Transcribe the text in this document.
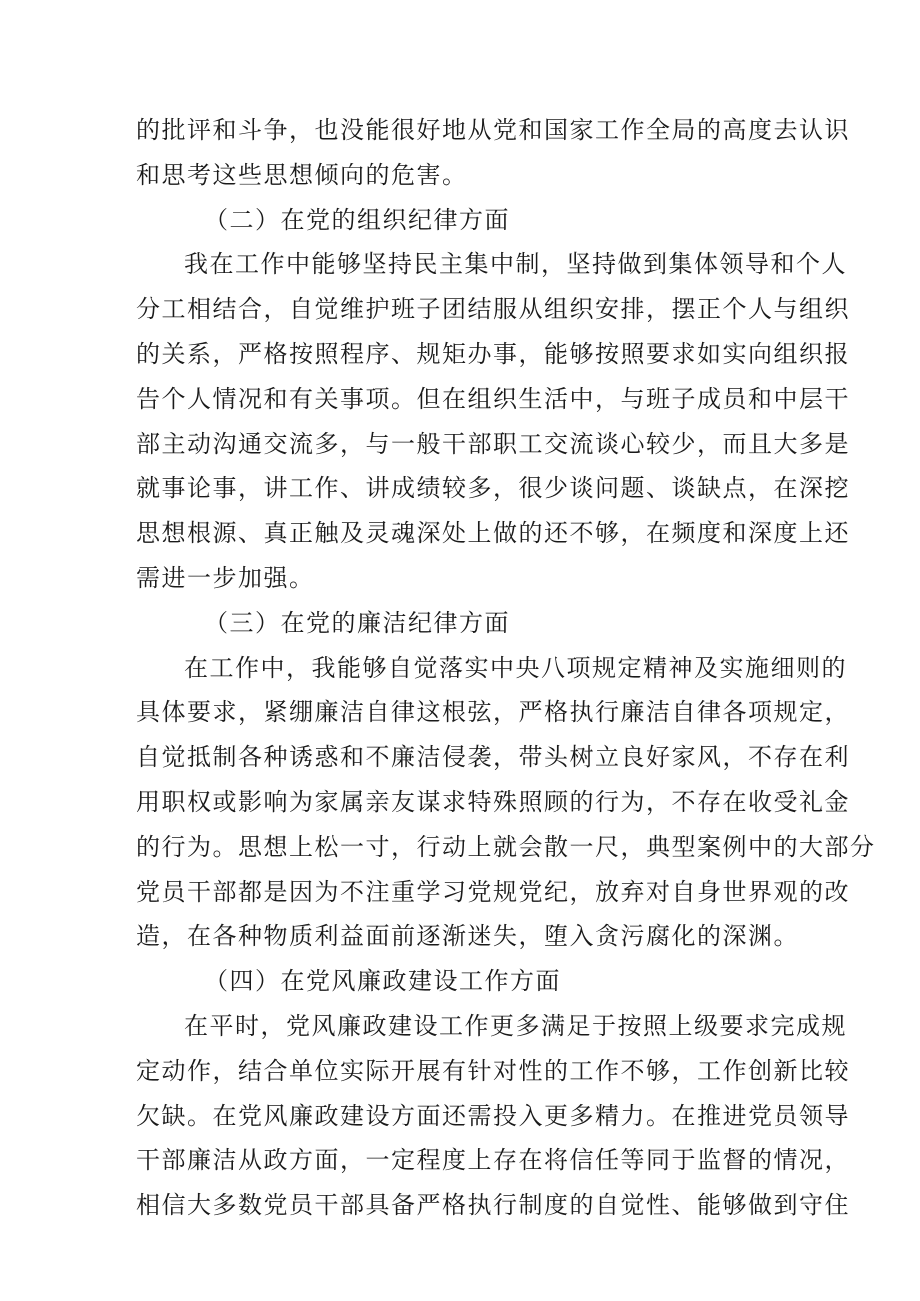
的批评和斗争，也没能很好地从党和国家工作全局的高度去认识
和思考这些思想倾向的危害。
（二）在党的组织纪律方面
我在工作中能够坚持民主集中制，坚持做到集体领导和个人
分工相结合，自觉维护班子团结服从组织安排，摆正个人与组织
的关系，严格按照程序、规矩办事，能够按照要求如实向组织报
告个人情况和有关事项。但在组织生活中，与班子成员和中层干
部主动沟通交流多，与一般干部职工交流谈心较少，而且大多是
就事论事，讲工作、讲成绩较多，很少谈问题、谈缺点，在深挖
思想根源、真正触及灵魂深处上做的还不够，在频度和深度上还
需进一步加强。
（三）在党的廉洁纪律方面
在工作中，我能够自觉落实中央八项规定精神及实施细则的
具体要求，紧绷廉洁自律这根弦，严格执行廉洁自律各项规定，
自觉抵制各种诱惑和不廉洁侵袭，带头树立良好家风，不存在利
用职权或影响为家属亲友谋求特殊照顾的行为，不存在收受礼金
的行为。思想上松一寸，行动上就会散一尺，典型案例中的大部分
党员干部都是因为不注重学习党规党纪，放弃对自身世界观的改
造，在各种物质利益面前逐渐迷失，堕入贪污腐化的深渊。
（四）在党风廉政建设工作方面
在平时，党风廉政建设工作更多满足于按照上级要求完成规
定动作，结合单位实际开展有针对性的工作不够，工作创新比较
欠缺。在党风廉政建设方面还需投入更多精力。在推进党员领导
干部廉洁从政方面，一定程度上存在将信任等同于监督的情况，
相信大多数党员干部具备严格执行制度的自觉性、能够做到守住
